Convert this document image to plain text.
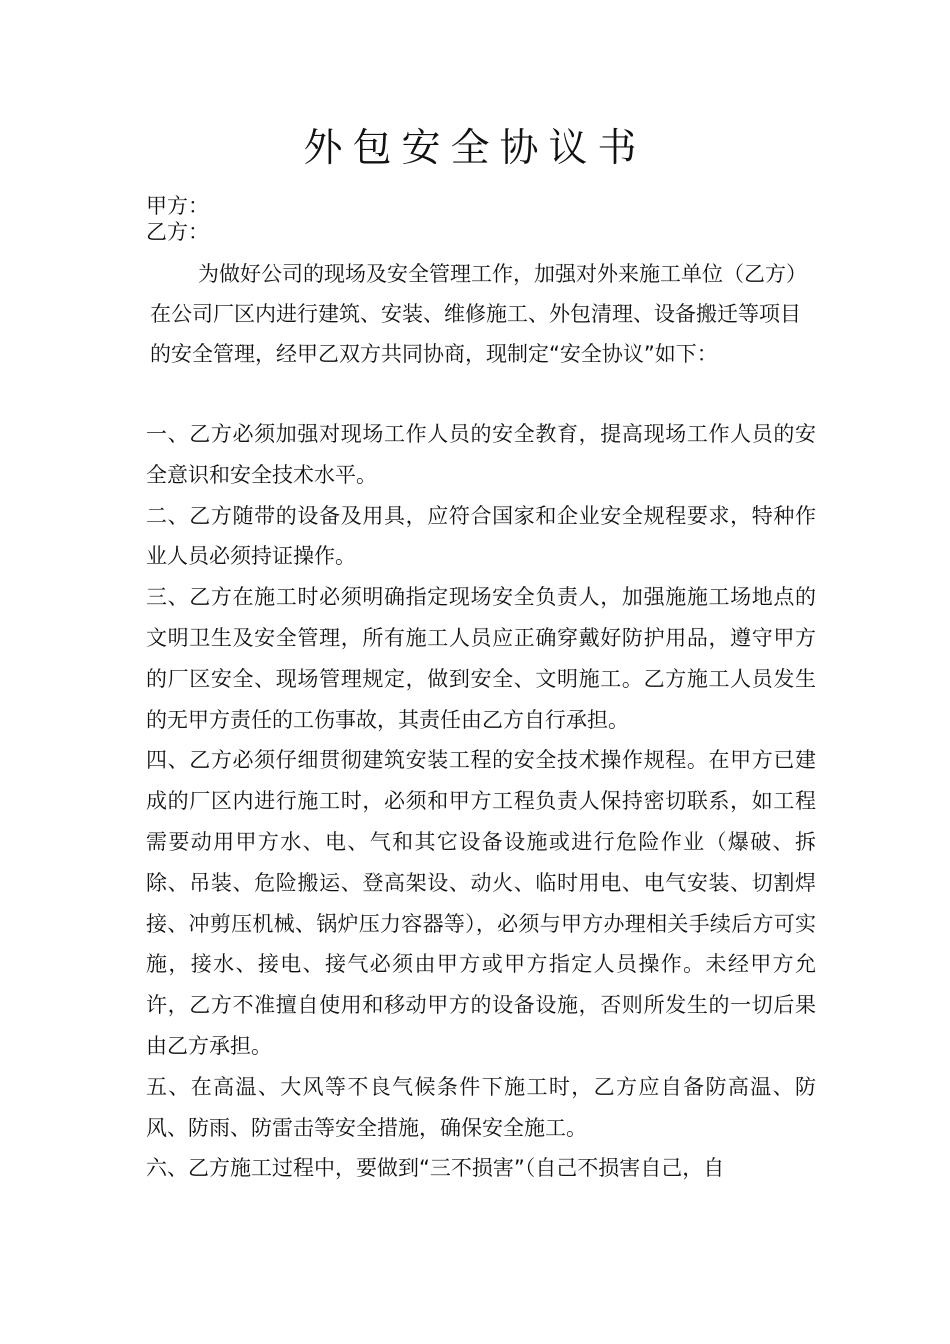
外包安全协议书
甲方：
乙方：

为做好公司的现场及安全管理工作，加强对外来施工单位（乙方）在公司厂区内进行建筑、安装、维修施工、外包清理、设备搬迁等项目的安全管理，经甲乙双方共同协商，现制定“安全协议”如下：

一、乙方必须加强对现场工作人员的安全教育，提高现场工作人员的安全意识和安全技术水平。

二、乙方随带的设备及用具，应符合国家和企业安全规程要求，特种作业人员必须持证操作。

三、乙方在施工时必须明确指定现场安全负责人，加强施施工场地点的文明卫生及安全管理，所有施工人员应正确穿戴好防护用品，遵守甲方的厂区安全、现场管理规定，做到安全、文明施工。乙方施工人员发生的无甲方责任的工伤事故，其责任由乙方自行承担。

四、乙方必须仔细贯彻建筑安装工程的安全技术操作规程。在甲方已建成的厂区内进行施工时，必须和甲方工程负责人保持密切联系，如工程需要动用甲方水、电、气和其它设备设施或进行危险作业（爆破、拆除、吊装、危险搬运、登高架设、动火、临时用电、电气安装、切割焊接、冲剪压机械、锅炉压力容器等），必须与甲方办理相关手续后方可实施，接水、接电、接气必须由甲方或甲方指定人员操作。未经甲方允许，乙方不准擅自使用和移动甲方的设备设施，否则所发生的一切后果由乙方承担。

五、在高温、大风等不良气候条件下施工时，乙方应自备防高温、防风、防雨、防雷击等安全措施，确保安全施工。

六、乙方施工过程中，要做到“三不损害”（自己不损害自己，自
